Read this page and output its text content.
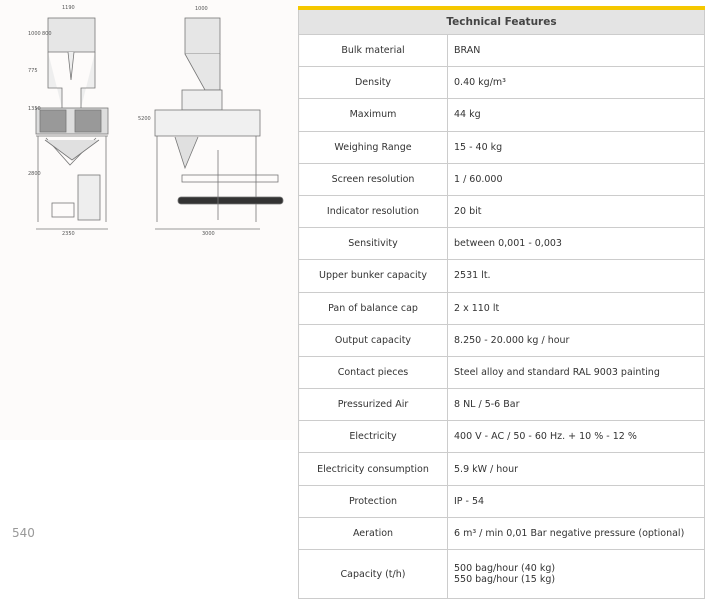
1190	1000
1000 800
775
1350
2800
2350
5200
3000
540
Technical Features
Bulk material	BRAN
Density	0.40 kg/m³
Maximum	44 kg
Weighing Range	15 - 40 kg
Screen resolution	1 / 60.000
Indicator resolution	20 bit
Sensitivity	between 0,001 - 0,003
Upper bunker capacity	2531 lt.
Pan of balance cap	2 x 110 lt
Output capacity	8.250 - 20.000 kg / hour
Contact pieces	Steel alloy and standard RAL 9003 painting
Pressurized Air	8 NL / 5-6 Bar
Electricity	400 V - AC / 50 - 60 Hz. + 10 % - 12 %
Electricity consumption	5.9 kW / hour
Protection	IP - 54
Aeration	6 m³ / min 0,01 Bar negative pressure (optional)
Capacity (t/h)	500 bag/hour (40 kg)
550 bag/hour (15 kg)
